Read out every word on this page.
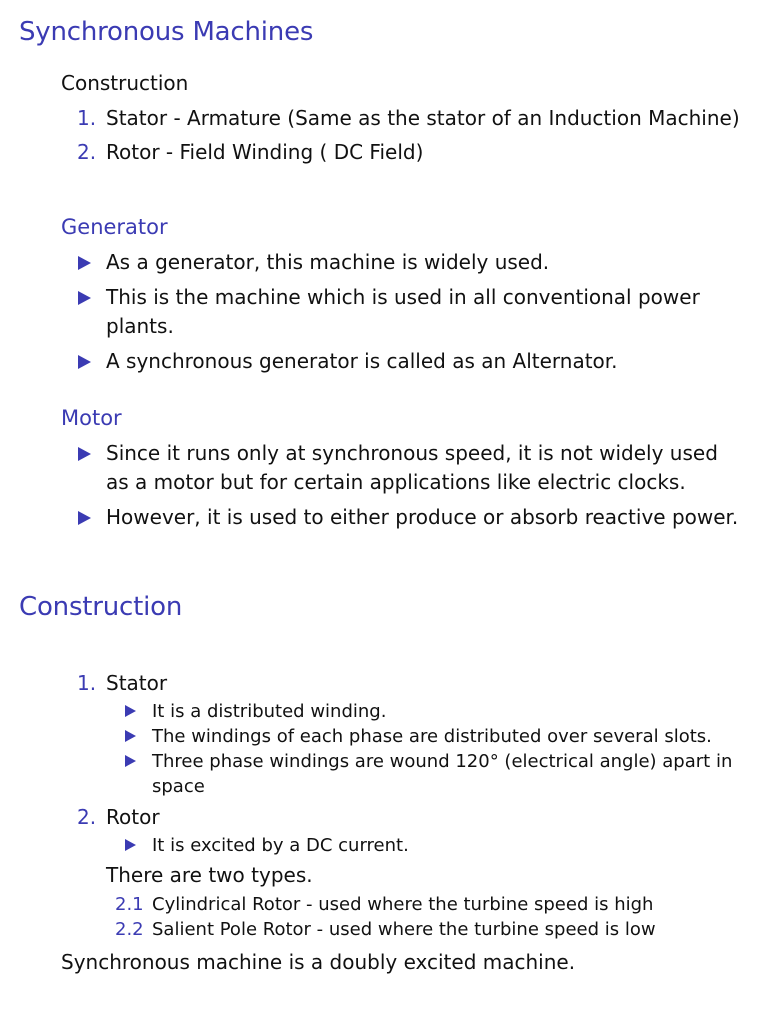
Synchronous Machines

Construction

1. Stator - Armature (Same as the stator of an Induction Machine)
2. Rotor - Field Winding ( DC Field)
Generator
As a generator, this machine is widely used.
This is the machine which is used in all conventional power plants.
A synchronous generator is called as an Alternator.
Motor
Since it runs only at synchronous speed, it is not widely used as a motor but for certain applications like electric clocks.
However, it is used to either produce or absorb reactive power.
Construction
1. Stator
It is a distributed winding.
The windings of each phase are distributed over several slots.
Three phase windings are wound 120° (electrical angle) apart in space
2. Rotor
It is excited by a DC current.

There are two types.

2.1 Cylindrical Rotor - used where the turbine speed is high
2.2 Salient Pole Rotor - used where the turbine speed is low

Synchronous machine is a doubly excited machine.
